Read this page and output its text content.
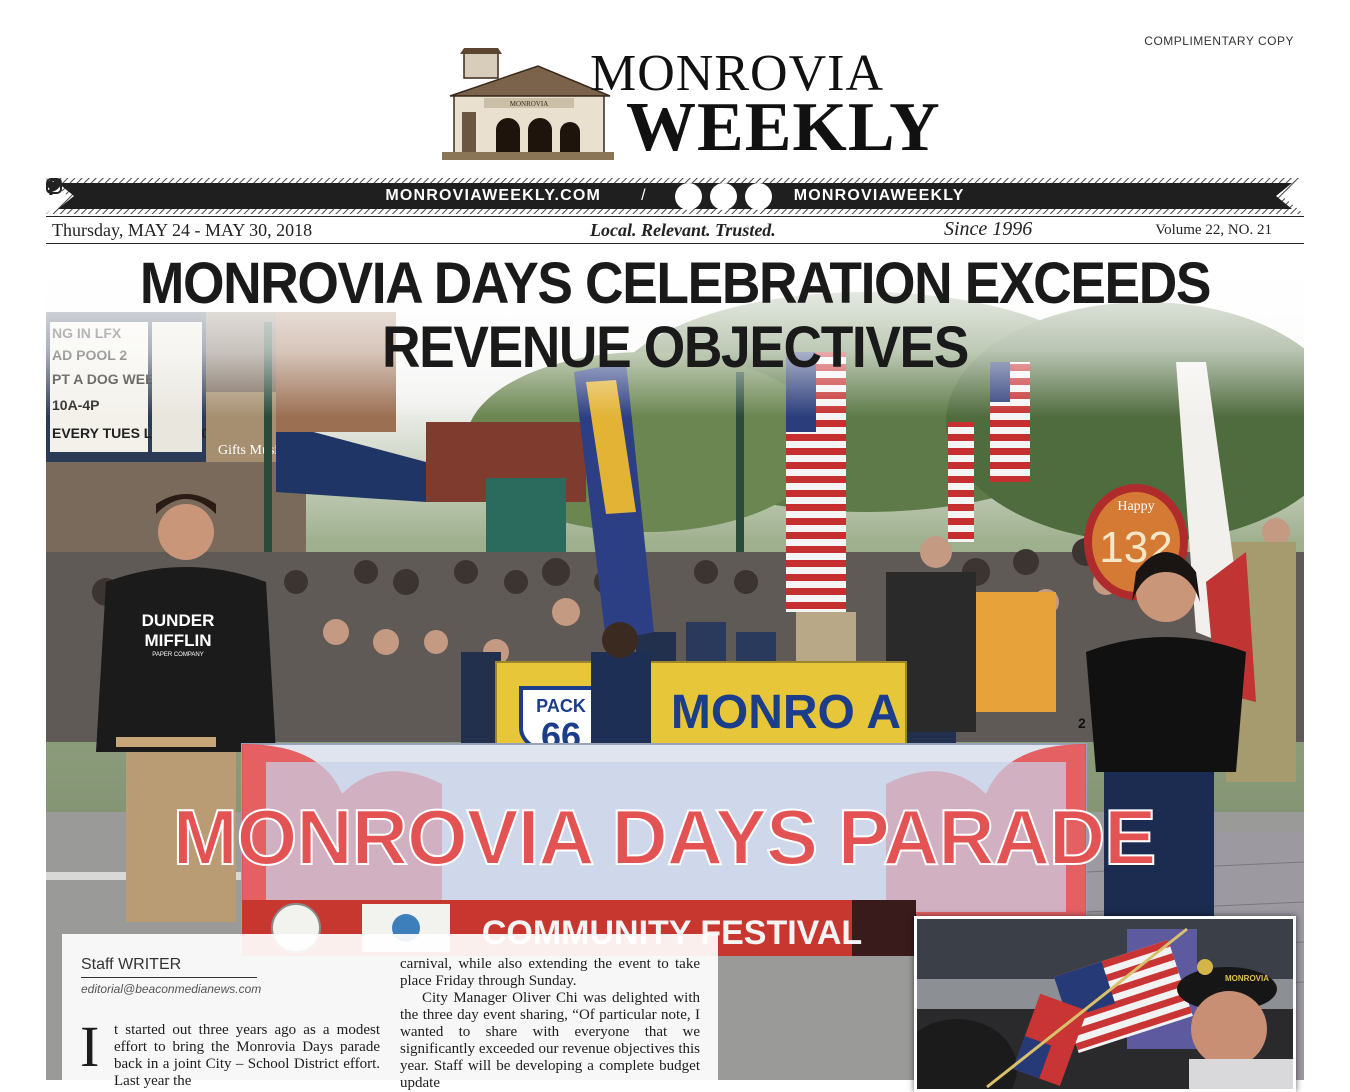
COMPLIMENTARY COPY
MONROVIA
MONROVIA
WEEKLY
MONROVIAWEEKLY.COM	/	MONROVIAWEEKLY
Thursday, MAY 24 - MAY 30, 2018	Local. Relevant. Trusted.	Since 1996	Volume 22, NO. 21
MONROVIA DAYS CELEBRATION EXCEEDS
REVENUE OBJECTIVES
Staff WRITER
editorial@beaconmedianews.com
I t started out three years ago as a modest effort to bring the Monrovia Days parade back in a joint City – School District effort. Last year the

carnival, while also extending the event to take place Friday through Sunday.

City Manager Oliver Chi was delighted with the three day event sharing, “Of particular note, I wanted to share with everyone that we significantly exceeded our revenue objectives this year. Staff will be developing a complete budget update

MONROVIA
